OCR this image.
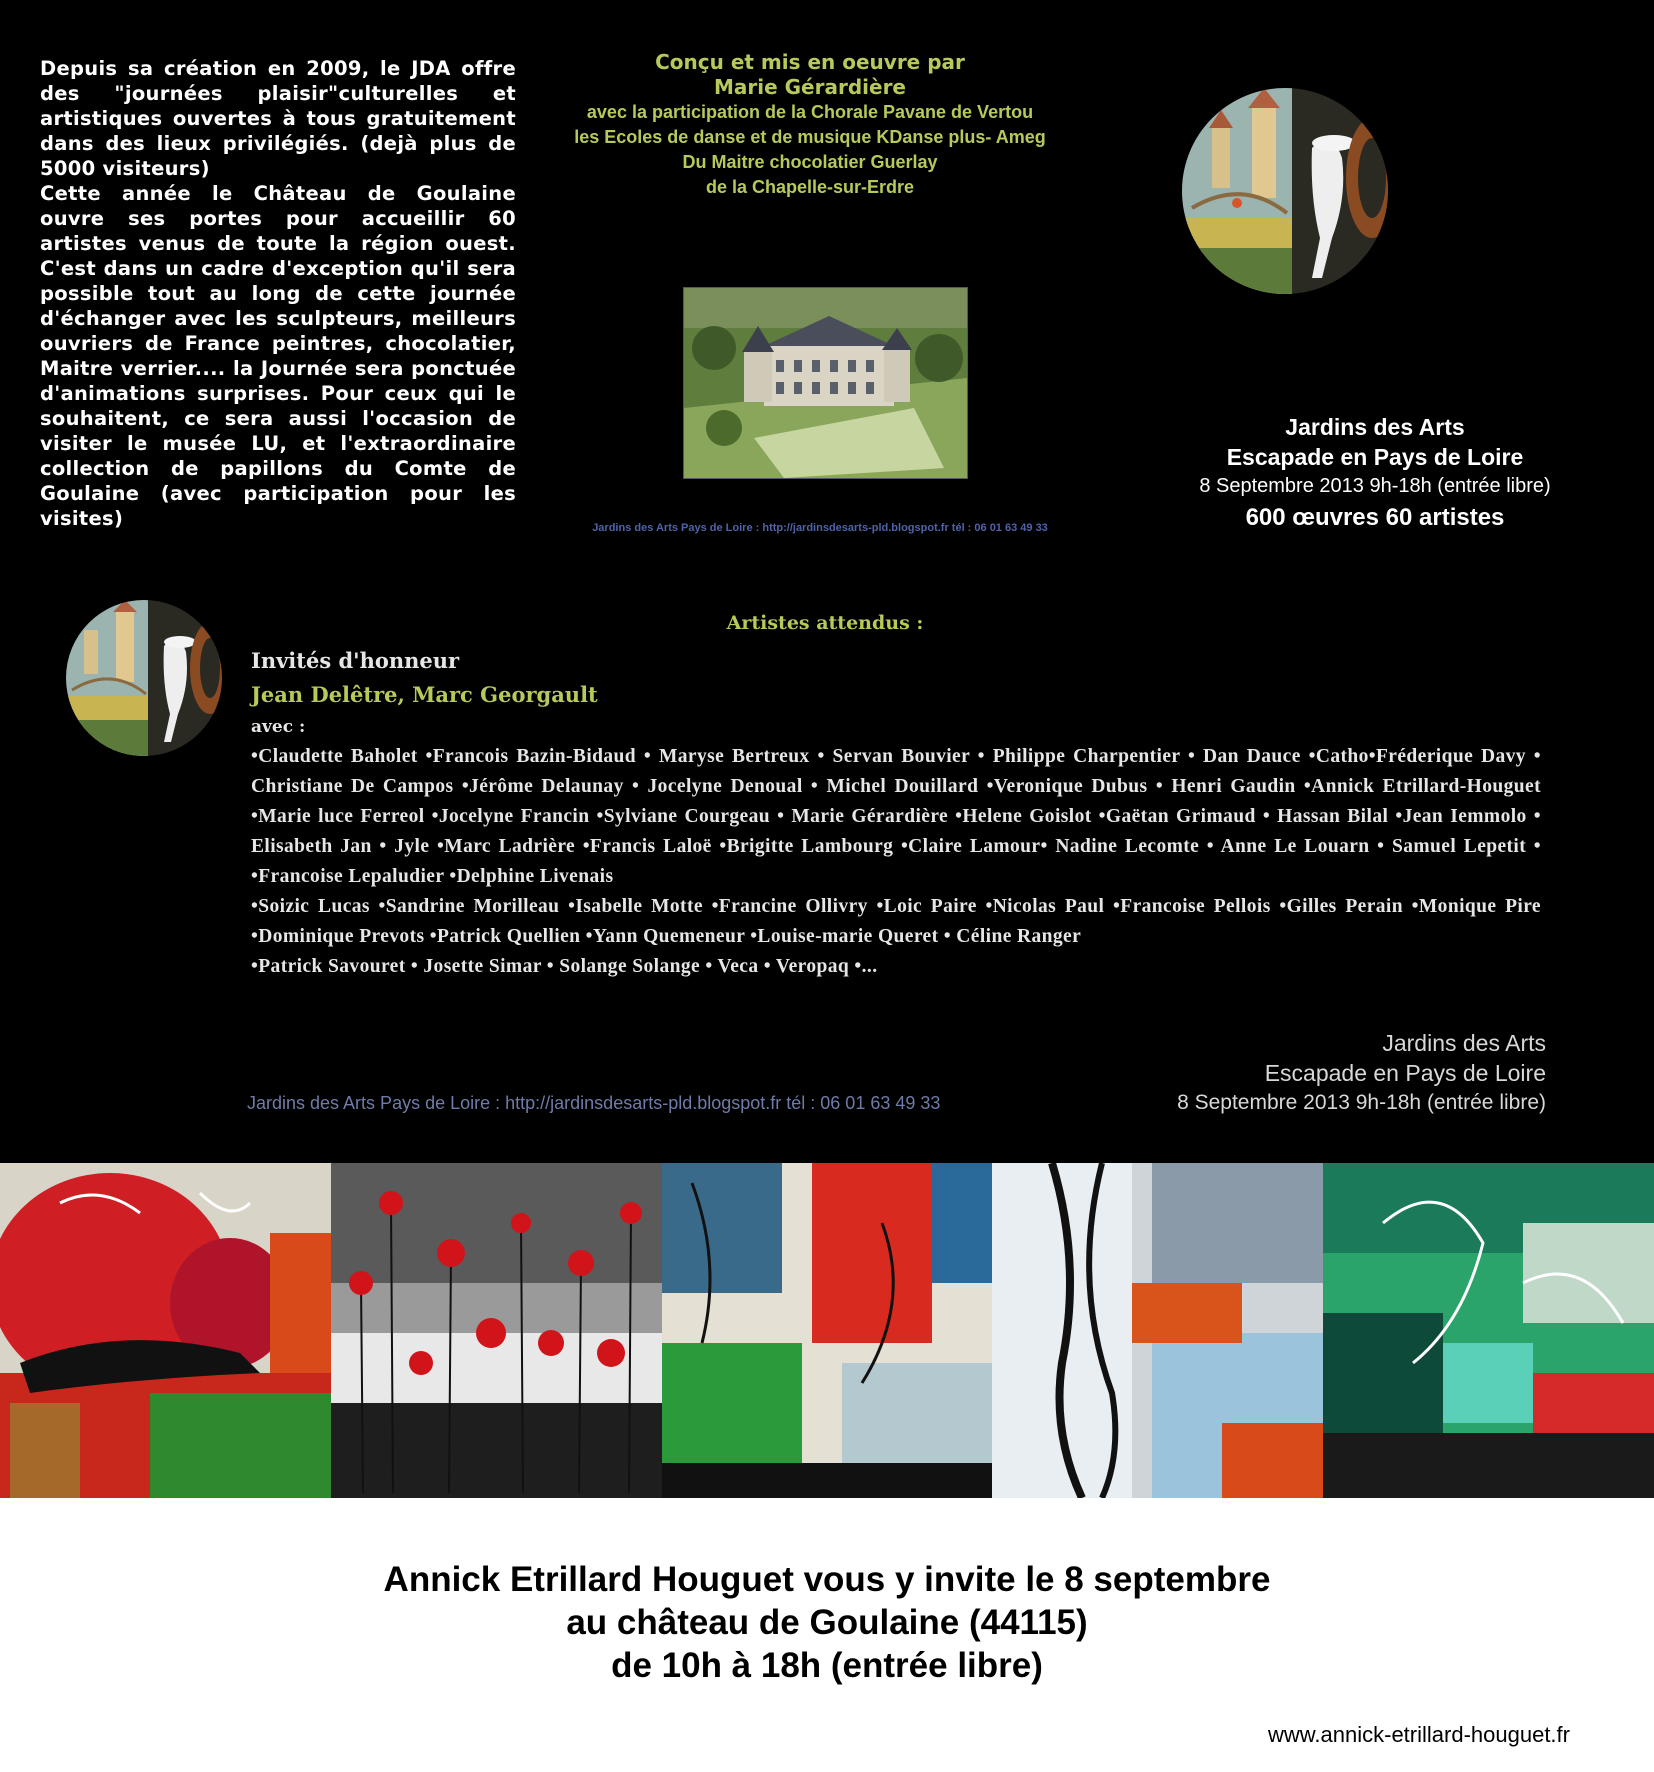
Depuis sa création en 2009, le JDA offre des "journées plaisir"culturelles et artistiques ouvertes à tous gratuitement dans des lieux privilégiés. (dejà plus de 5000 visiteurs)

Cette année le Château de Goulaine ouvre ses portes pour accueillir 60 artistes venus de toute la région ouest. C'est dans un cadre d'exception qu'il sera possible tout au long de cette journée d'échanger avec les sculpteurs, meilleurs ouvriers de France peintres, chocolatier, Maitre verrier.... la Journée sera ponctuée d'animations surprises. Pour ceux qui le souhaitent, ce sera aussi l'occasion de visiter le musée LU, et l'extraordinaire collection de papillons du Comte de Goulaine (avec participation pour les visites)

Conçu et mis en oeuvre par
Marie Gérardière
avec la participation de la Chorale Pavane de Vertou
les Ecoles de danse et de musique KDanse plus- Ameg
Du Maitre chocolatier Guerlay
de la Chapelle-sur-Erdre
Jardins des Arts Pays de Loire : http://jardinsdesarts-pld.blogspot.fr tél : 06 01 63 49 33
Jardins des Arts
Escapade en Pays de Loire
8 Septembre 2013 9h-18h (entrée libre)
600 œuvres 60 artistes
Artistes attendus :
Invités d'honneur
Jean Delêtre, Marc Georgault
avec :

•Claudette Baholet •Francois Bazin-Bidaud • Maryse Bertreux • Servan Bouvier • Philippe Charpentier • Dan Dauce •Catho•Fréderique Davy • Christiane De Campos •Jérôme Delaunay • Jocelyne Denoual • Michel Douillard •Veronique Dubus • Henri Gaudin •Annick Etrillard-Houguet •Marie luce Ferreol •Jocelyne Francin •Sylviane Courgeau • Marie Gérardière •Helene Goislot •Gaëtan Grimaud • Hassan Bilal •Jean Iemmolo • Elisabeth Jan • Jyle •Marc Ladrière •Francis Laloë •Brigitte Lambourg •Claire Lamour• Nadine Lecomte • Anne Le Louarn • Samuel Lepetit • •Francoise Lepaludier •Delphine Livenais

•Soizic Lucas •Sandrine Morilleau •Isabelle Motte •Francine Ollivry •Loic Paire •Nicolas Paul •Francoise Pellois •Gilles Perain •Monique Pire •Dominique Prevots •Patrick Quellien •Yann Quemeneur •Louise-marie Queret • Céline Ranger

•Patrick Savouret • Josette Simar • Solange Solange • Veca • Veropaq •...

Jardins des Arts
Escapade en Pays de Loire
8 Septembre 2013 9h-18h (entrée libre)
Jardins des Arts Pays de Loire : http://jardinsdesarts-pld.blogspot.fr tél : 06 01 63 49 33
Annick Etrillard Houguet vous y invite le 8 septembre
au château de Goulaine (44115)
de 10h à 18h (entrée libre)
www.annick-etrillard-houguet.fr
